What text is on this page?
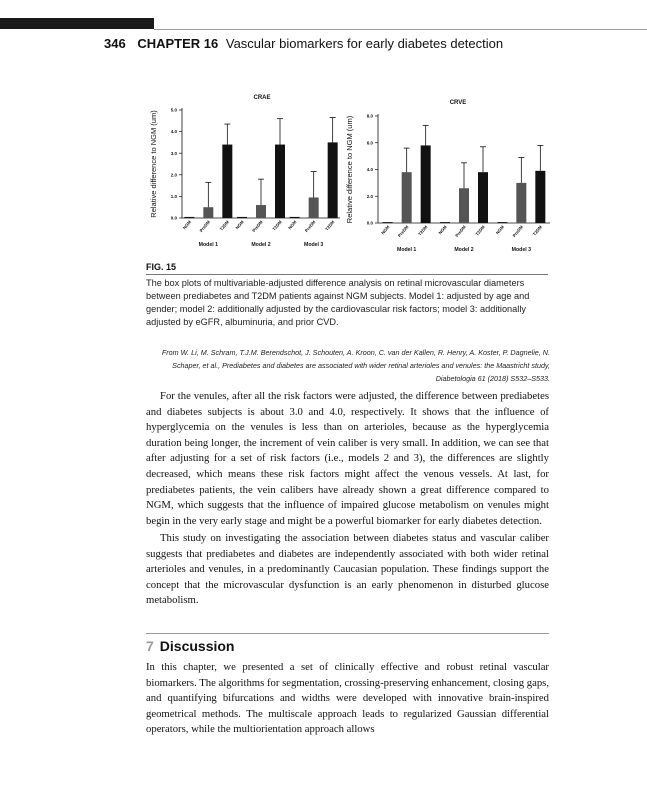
346 CHAPTER 16 Vascular biomarkers for early diabetes detection
CRAE
Relative difference to NGM (um)
0.0
1.0
2.0
3.0
4.0
5.0
NGM PreDM T2DM
Model 1
NGM PreDM T2DM
Model 2
NGM PreDM T2DM
Model 3
CRVE
Relative difference to NGM (um)	0.0
2.0
4.0
6.0
8.0
NGM PreDM T2DM
Model 1
NGM PreDM T2DM
Model 2
NGM PreDM T2DM
Model 3
FIG. 15
The box plots of multivariable-adjusted difference analysis on retinal microvascular diameters between prediabetes and T2DM patients against NGM subjects. Model 1: adjusted by age and gender; model 2: additionally adjusted by the cardiovascular risk factors; model 3: additionally adjusted by eGFR, albuminuria, and prior CVD.
From W. Li, M. Schram, T.J.M. Berendschot, J. Schouten, A. Kroon, C. van der Kallen, R. Henry, A. Koster, P. Dagnelie, N. Schaper, et al., Prediabetes and diabetes are associated with wider retinal arterioles and venules: the Maastricht study, Diabetologia 61 (2018) S532–S533.

For the venules, after all the risk factors were adjusted, the difference between prediabetes and diabetes subjects is about 3.0 and 4.0, respectively. It shows that the influence of hyperglycemia on the venules is less than on arterioles, because as the hyperglycemia duration being longer, the increment of vein caliber is very small. In addition, we can see that after adjusting for a set of risk factors (i.e., models 2 and 3), the differences are slightly decreased, which means these risk factors might affect the venous vessels. At last, for prediabetes patients, the vein calibers have already shown a great difference compared to NGM, which suggests that the influence of impaired glucose metabolism on venules might begin in the very early stage and might be a powerful biomarker for early diabetes detection.

This study on investigating the association between diabetes status and vascular caliber suggests that prediabetes and diabetes are independently associated with both wider retinal arterioles and venules, in a predominantly Caucasian population. These findings support the concept that the microvascular dysfunction is an early phenomenon in disturbed glucose metabolism.

7 Discussion

In this chapter, we presented a set of clinically effective and robust retinal vascular biomarkers. The algorithms for segmentation, crossing-preserving enhancement, closing gaps, and quantifying bifurcations and widths were developed with innovative brain-inspired geometrical methods. The multiscale approach leads to regularized Gaussian differential operators, while the multiorientation approach allows
